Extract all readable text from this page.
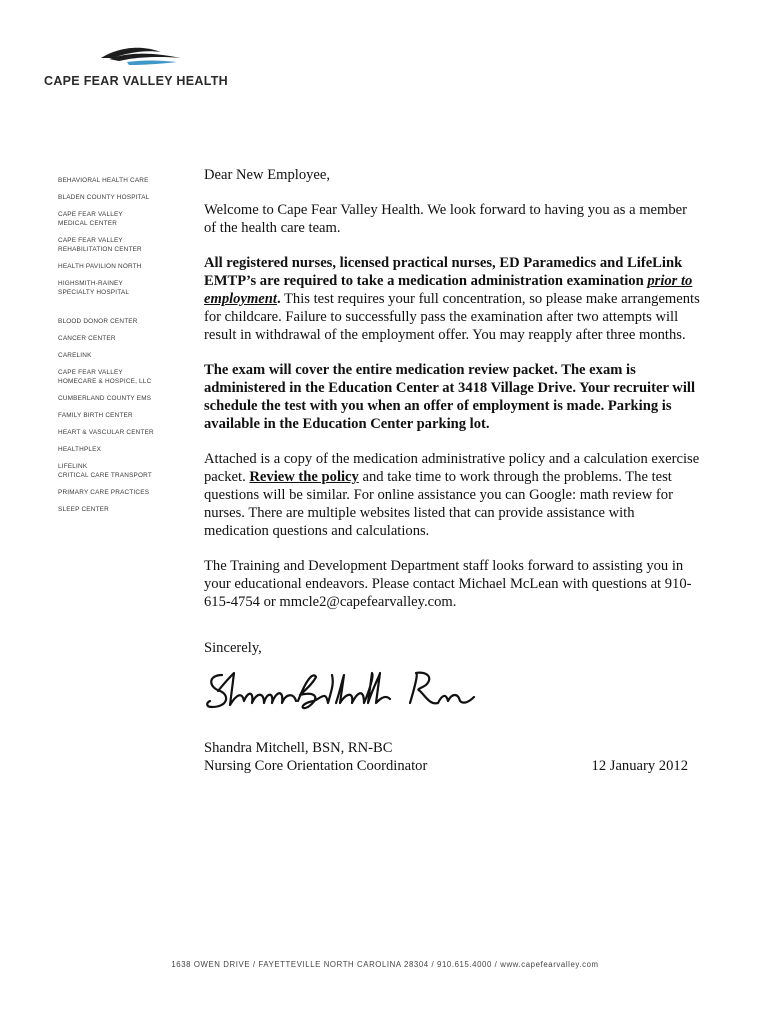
CAPE FEAR VALLEY HEALTH
BEHAVIORAL HEALTH CARE
BLADEN COUNTY HOSPITAL
CAPE FEAR VALLEY
MEDICAL CENTER
CAPE FEAR VALLEY
REHABILITATION CENTER
HEALTH PAVILION NORTH
HIGHSMITH-RAINEY
SPECIALTY HOSPITAL
BLOOD DONOR CENTER
CANCER CENTER
CARELINK
CAPE FEAR VALLEY
HOMECARE & HOSPICE, LLC
CUMBERLAND COUNTY EMS
FAMILY BIRTH CENTER
HEART & VASCULAR CENTER
HEALTHPLEX
LIFELINK
CRITICAL CARE TRANSPORT
PRIMARY CARE PRACTICES
SLEEP CENTER

Dear New Employee,

Welcome to Cape Fear Valley Health. We look forward to having you as a member of the health care team.

All registered nurses, licensed practical nurses, ED Paramedics and LifeLink EMTP’s are required to take a medication administration examination prior to employment. This test requires your full concentration, so please make arrangements for childcare. Failure to successfully pass the examination after two attempts will result in withdrawal of the employment offer. You may reapply after three months.

The exam will cover the entire medication review packet. The exam is administered in the Education Center at 3418 Village Drive. Your recruiter will schedule the test with you when an offer of employment is made. Parking is available in the Education Center parking lot.

Attached is a copy of the medication administrative policy and a calculation exercise packet. Review the policy and take time to work through the problems. The test questions will be similar. For online assistance you can Google: math review for nurses. There are multiple websites listed that can provide assistance with medication questions and calculations.

The Training and Development Department staff looks forward to assisting you in your educational endeavors. Please contact Michael McLean with questions at 910-615-4754 or mmcle2@capefearvalley.com.

Sincerely,

Shandra Mitchell, BSN, RN-BC

Nursing Core Orientation Coordinator	12 January 2012
1638 OWEN DRIVE / FAYETTEVILLE NORTH CAROLINA 28304 / 910.615.4000 / www.capefearvalley.com
